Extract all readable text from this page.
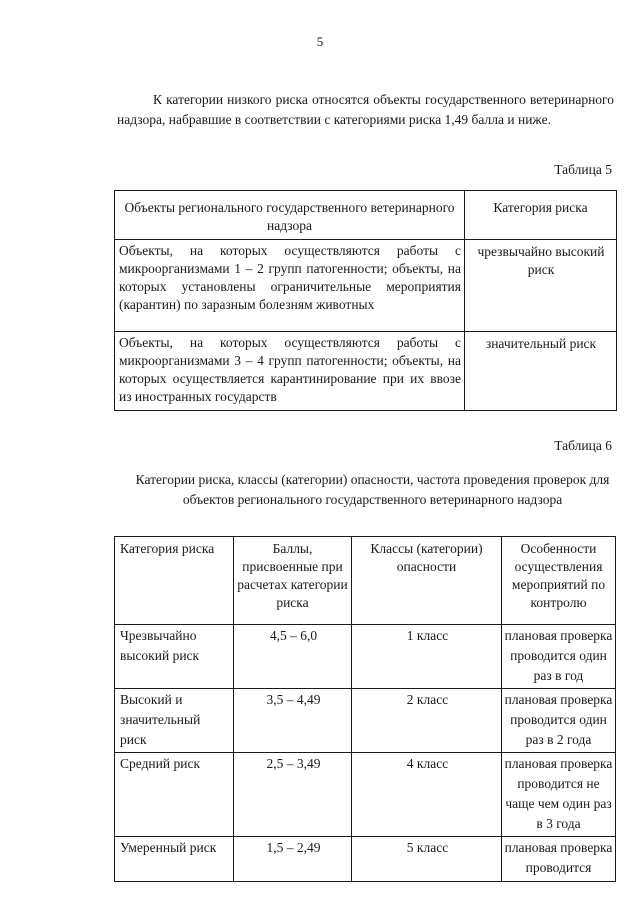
5

К категории низкого риска относятся объекты государственного ветеринарного надзора, набравшие в соответствии с категориями риска 1,49 балла и ниже.

Таблица 5
Объекты регионального государственного ветеринарного надзора	Категория риска
Объекты, на которых осуществляются работы с микроорганизмами 1 – 2 групп патогенности; объекты, на которых установлены ограничительные мероприятия (карантин) по заразным болезням животных	чрезвычайно высокий риск
Объекты, на которых осуществляются работы с микроорганизмами 3 – 4 групп патогенности; объекты, на которых осуществляется карантинирование при их ввозе из иностранных государств	значительный риск
Таблица 6
Категории риска, классы (категории) опасности, частота проведения проверок для объектов регионального государственного ветеринарного надзора
Категория риска	Баллы, присвоенные при расчетах категории риска	Классы (категории) опасности	Особенности осуществления мероприятий по контролю
Чрезвычайно высокий риск	4,5 – 6,0	1 класс	плановая проверка проводится один раз в год
Высокий и значительный риск	3,5 – 4,49	2 класс	плановая проверка проводится один раз в 2 года
Средний риск	2,5 – 3,49	4 класс	плановая проверка проводится не чаще чем один раз в 3 года
Умеренный риск	1,5 – 2,49	5 класс	плановая проверка проводится
